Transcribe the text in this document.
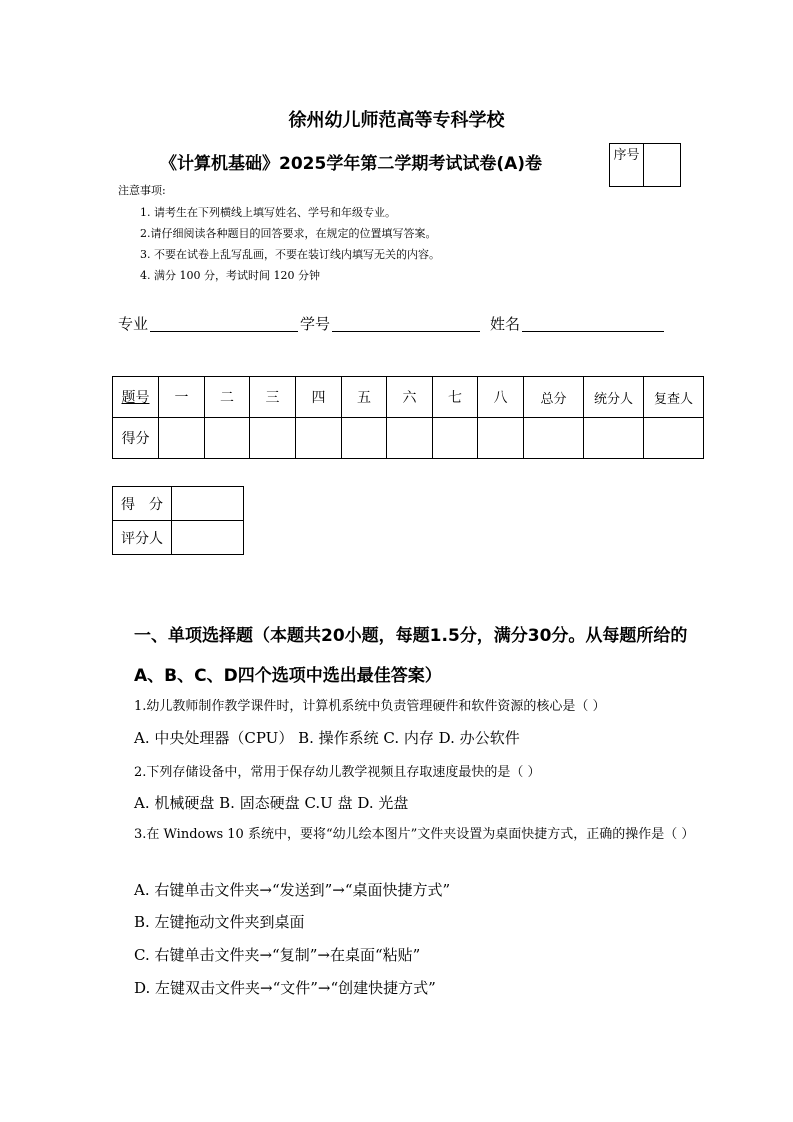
徐州幼儿师范高等专科学校
《计算机基础》2025学年第二学期考试试卷(A)卷	序号
注意事项:
1. 请考生在下列横线上填写姓名、学号和年级专业。
2.请仔细阅读各种题目的回答要求，在规定的位置填写答案。
3. 不要在试卷上乱写乱画，不要在装订线内填写无关的内容。
4. 满分 100 分，考试时间 120 分钟
专业	学号	姓名
题号	一	二	三	四	五	六	七	八	总分	统分人	复查人
得分											
得　分	
评分人	
一、单项选择题（本题共20小题，每题1.5分，满分30分。从每题所给的A、B、C、D四个选项中选出最佳答案）
1.幼儿教师制作教学课件时，计算机系统中负责管理硬件和软件资源的核心是（ ）
A. 中央处理器（CPU） B. 操作系统 C. 内存 D. 办公软件
2.下列存储设备中，常用于保存幼儿教学视频且存取速度最快的是（ ）
A. 机械硬盘 B. 固态硬盘 C.U 盘 D. 光盘
3.在 Windows 10 系统中，要将“幼儿绘本图片”文件夹设置为桌面快捷方式，正确的操作是（ ）
A. 右键单击文件夹→“发送到”→“桌面快捷方式”
B. 左键拖动文件夹到桌面
C. 右键单击文件夹→“复制”→在桌面“粘贴”
D. 左键双击文件夹→“文件”→“创建快捷方式”
